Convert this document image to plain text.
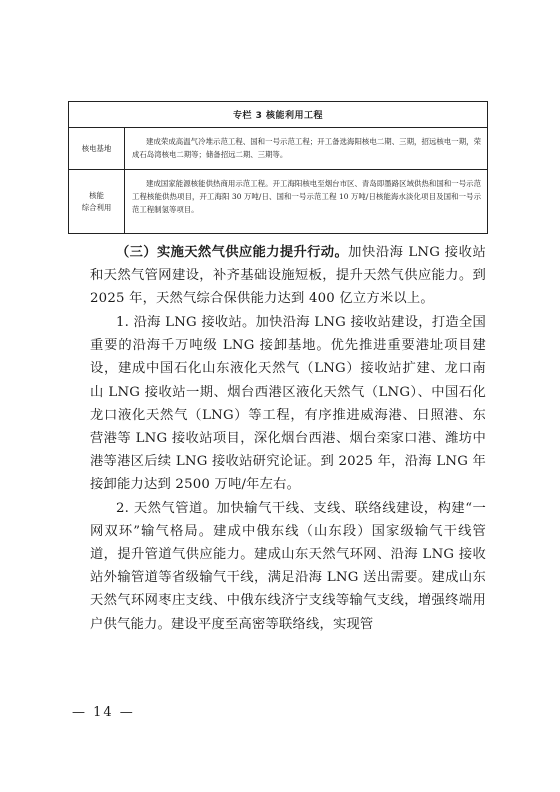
专栏 3 核能利用工程
核电基地
建成荣成高温气冷堆示范工程、国和一号示范工程；开工备选海阳核电二期、三期，招远核电一期，荣成石岛湾核电二期等；储备招远二期、三期等。
核能
综合利用
建成国家能源核能供热商用示范工程。开工海阳核电至烟台市区、青岛即墨路区域供热和国和一号示范工程核能供热项目，开工海阳 30 万吨/日、国和一号示范工程 10 万吨/日核能海水淡化项目及国和一号示范工程制氢等项目。

（三）实施天然气供应能力提升行动。加快沿海 LNG 接收站和天然气管网建设，补齐基础设施短板，提升天然气供应能力。到 2025 年，天然气综合保供能力达到 400 亿立方米以上。

1. 沿海 LNG 接收站。加快沿海 LNG 接收站建设，打造全国重要的沿海千万吨级 LNG 接卸基地。优先推进重要港址项目建设，建成中国石化山东液化天然气（LNG）接收站扩建、龙口南山 LNG 接收站一期、烟台西港区液化天然气（LNG）、中国石化龙口液化天然气（LNG）等工程，有序推进威海港、日照港、东营港等 LNG 接收站项目，深化烟台西港、烟台栾家口港、潍坊中港等港区后续 LNG 接收站研究论证。到 2025 年，沿海 LNG 年接卸能力达到 2500 万吨/年左右。

2. 天然气管道。加快输气干线、支线、联络线建设，构建“一网双环”输气格局。建成中俄东线（山东段）国家级输气干线管道，提升管道气供应能力。建成山东天然气环网、沿海 LNG 接收站外输管道等省级输气干线，满足沿海 LNG 送出需要。建成山东天然气环网枣庄支线、中俄东线济宁支线等输气支线，增强终端用户供气能力。建设平度至高密等联络线，实现管

— 14 —
